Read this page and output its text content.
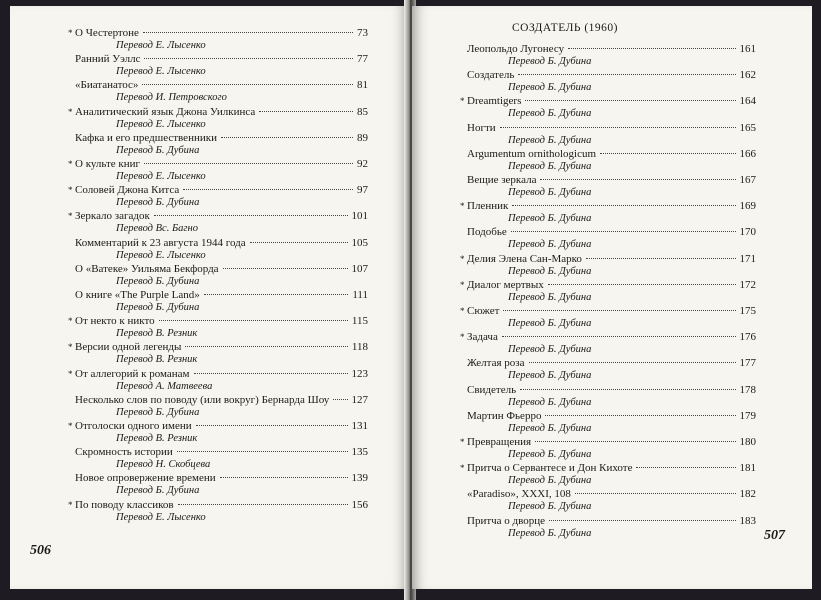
* О Честертоне	73
Перевод Е. Лысенко
Ранний Уэллс	77
Перевод Е. Лысенко
«Биатанатос»	81
Перевод И. Петровского
* Аналитический язык Джона Уилкинса	85
Перевод Е. Лысенко
Кафка и его предшественники	89
Перевод Б. Дубина
* О культе книг	92
Перевод Е. Лысенко
* Соловей Джона Китса	97
Перевод Б. Дубина
* Зеркало загадок	101
Перевод Вс. Багно
Комментарий к 23 августа 1944 года	105
Перевод Е. Лысенко
О «Ватеке» Уильяма Бекфорда	107
Перевод Б. Дубина
О книге «The Purple Land»	111
Перевод Б. Дубина
* От некто к никто	115
Перевод В. Резник
* Версии одной легенды	118
Перевод В. Резник
* От аллегорий к романам	123
Перевод А. Матвеева
Несколько слов по поводу (или вокруг) Бернарда Шоу 127
Перевод Б. Дубина
* Отголоски одного имени	131
Перевод В. Резник
Скромность истории	135
Перевод Н. Скобцева
Новое опровержение времени	139
Перевод Б. Дубина
* По поводу классиков	156
Перевод Е. Лысенко
506
СОЗДАТЕЛЬ (1960)
Леопольдо Лугонесу	161
Перевод Б. Дубина
Создатель	162
Перевод Б. Дубина
* Dreamtigers	164
Перевод Б. Дубина
Ногти	165
Перевод Б. Дубина
Argumentum ornithologicum	166
Перевод Б. Дубина
Вещие зеркала	167
Перевод Б. Дубина
* Пленник	169
Перевод Б. Дубина
Подобье	170
Перевод Б. Дубина
* Делия Элена Сан-Марко	171
Перевод Б. Дубина
* Диалог мертвых	172
Перевод Б. Дубина
* Сюжет	175
Перевод Б. Дубина
* Задача	176
Перевод Б. Дубина
Желтая роза	177
Перевод Б. Дубина
Свидетель	178
Перевод Б. Дубина
Мартин Фьерро	179
Перевод Б. Дубина
* Превращения	180
Перевод Б. Дубина
* Притча о Сервантесе и Дон Кихоте	181
Перевод Б. Дубина
«Paradiso», XXXI, 108	182
Перевод Б. Дубина
Притча о дворце	183
Перевод Б. Дубина	507
